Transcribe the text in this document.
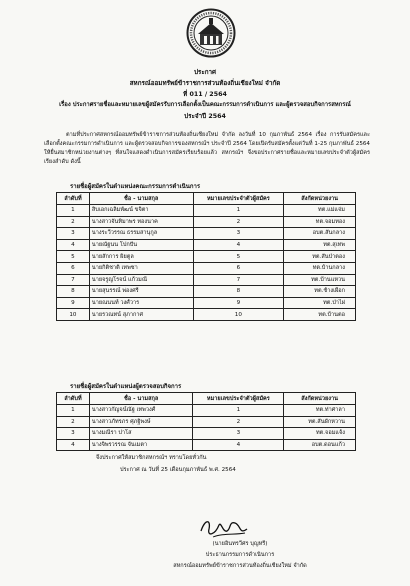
ประกาศ
สหกรณ์ออมทรัพย์ข้าราชการส่วนท้องถิ่นเชียงใหม่ จำกัด
ที่ 011 / 2564
เรื่อง ประกาศรายชื่อและหมายเลขผู้สมัครรับการเลือกตั้งเป็นคณะกรรมการดำเนินการ และผู้ตรวจสอบกิจการสหกรณ์
ประจำปี 2564
ตามที่ประกาศสหกรณ์ออมทรัพย์ข้าราชการส่วนท้องถิ่นเชียงใหม่ จำกัด ลงวันที่ 10 กุมภาพันธ์ 2564 เรื่อง การรับสมัครและเลือกตั้งคณะกรรมการดำเนินการ และผู้ตรวจสอบกิจการของสหกรณ์ฯ ประจำปี 2564 โดยเปิดรับสมัครตั้งแต่วันที่ 1-25 กุมภาพันธ์ 2564 ให้ยื่นสมาชิกหน่วยงานต่างๆ ที่สนใจแสดงดำเนินการสมัครเรียบร้อยแล้ว สหกรณ์ฯ จึงขอประกาศรายชื่อและหมายเลขประจำตัวผู้สมัครเรียงลำดับ ดังนี้
รายชื่อผู้สมัครในตำแหน่งคณะกรรมการดำเนินการ
ลำดับที่	ชื่อ - นามสกุล	หมายเลขประจำตัวผู้สมัคร	สังกัดหน่วยงาน
1	สิบเอกเฉลิมพัฒน์ ขจิตา	1	ทต.แม่แจ่ม
2	นางสาวจันทิมาพร ทองนาค	2	ทต.จอมทอง
3	นางระวีวรรณ ธรรมสานุกูล	3	อบต.สันกลาง
4	นายณัฐนน โปกปัน	4	ทต.สุเทพ
5	นายสักการ ผิยตูล	5	ทต.สันป่าตอง
6	นายกิติชาติ เทพชา	6	ทต.บ้านกลาง
7	นายจรูญโรจน์ แก้วมณี	7	ทต.บ้านแหวน
8	นายสุนรรณ์ พ่องศรี	8	ทต.ช้างเผือก
9	นายณนนท์ วงศ์วาร	9	ทต.ป่าไผ่
10	นายรวณทน์ สุภากาศ	10	ทต.บ้านตอ
รายชื่อผู้สมัครในตำแหน่งผู้ตรวจสอบกิจการ
ลำดับที่	ชื่อ - นามสกุล	หมายเลขประจำตัวผู้สมัคร	สังกัดหน่วยงาน
1	นางสาวกัญจน์ณัฐ เทพวงศ์	1	ทต.ท่าศาลา
2	นางสาวภัทรภร ศุภฐิพงษ์	2	ทต.สันผักหวาน
3	นางมณีรา ปาโส	3	ทต.จอมแจ้ง
4	นางจิพรวรรณ จันเมตา	4	อบต.ดอนแก้ว
จึงประกาศให้สมาชิกสหกรณ์ฯ ทราบโดยทั่วกัน
ประกาศ ณ วันที่ 25 เดือนกุมภาพันธ์ พ.ศ. 2564
(นายอินทรวีศร บุญหรี)
ประธานกรรมการดำเนินการ
สหกรณ์ออมทรัพย์ข้าราชการส่วนท้องถิ่นเชียงใหม่ จำกัด
